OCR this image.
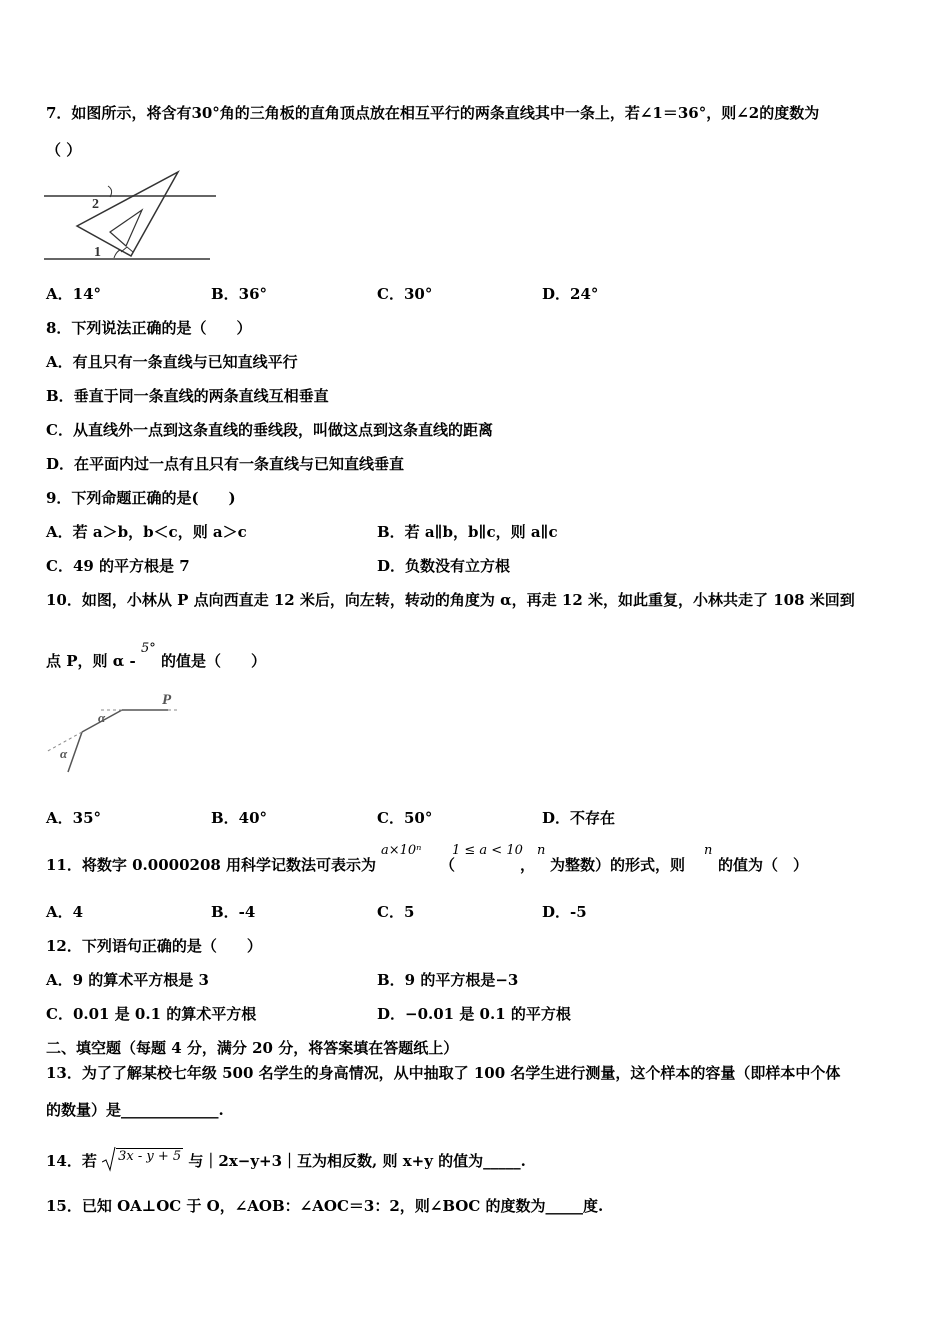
7．如图所示，将含有30°角的三角板的直角顶点放在相互平行的两条直线其中一条上，若∠1＝36°，则∠2的度数为
（ ）
2
1
A．14°	B．36°	C．30°	D．24°
8．下列说法正确的是（　　）
A．有且只有一条直线与已知直线平行
B．垂直于同一条直线的两条直线互相垂直
C．从直线外一点到这条直线的垂线段，叫做这点到这条直线的距离
D．在平面内过一点有且只有一条直线与已知直线垂直
9．下列命题正确的是(　　)
A．若 a＞b，b＜c，则 a＞c	B．若 a∥b，b∥c，则 a∥c
C．49 的平方根是 7	D．负数没有立方根
10．如图，小林从 P 点向西直走 12 米后，向左转，转动的角度为 α，再走 12 米，如此重复，小林共走了 108 米回到
点 P，则 α - 5° 的值是（　　）
P
α
α
A．35°	B．40°	C．50°	D．不存在
11．将数字 0.0000208 用科学记数法可表示为
a×10ⁿ
（
1 ≤ a < 10
，
n
为整数）的形式，则
n
的值为（　）
A．4	B．-4	C．5	D．-5
12．下列语句正确的是（　　）
A．9 的算术平方根是 3	B．9 的平方根是−3
C．0.01 是 0.1 的算术平方根	D．−0.01 是 0.1 的平方根
二、填空题（每题 4 分，满分 20 分，将答案填在答题纸上）
13．为了了解某校七年级 500 名学生的身高情况，从中抽取了 100 名学生进行测量，这个样本的容量（即样本中个体
的数量）是_____________.
14．若 3x - y + 5 与｜2x−y+3｜互为相反数, 则 x+y 的值为_____.
15．已知 OA⊥OC 于 O，∠AOB：∠AOC＝3：2，则∠BOC 的度数为_____度.
